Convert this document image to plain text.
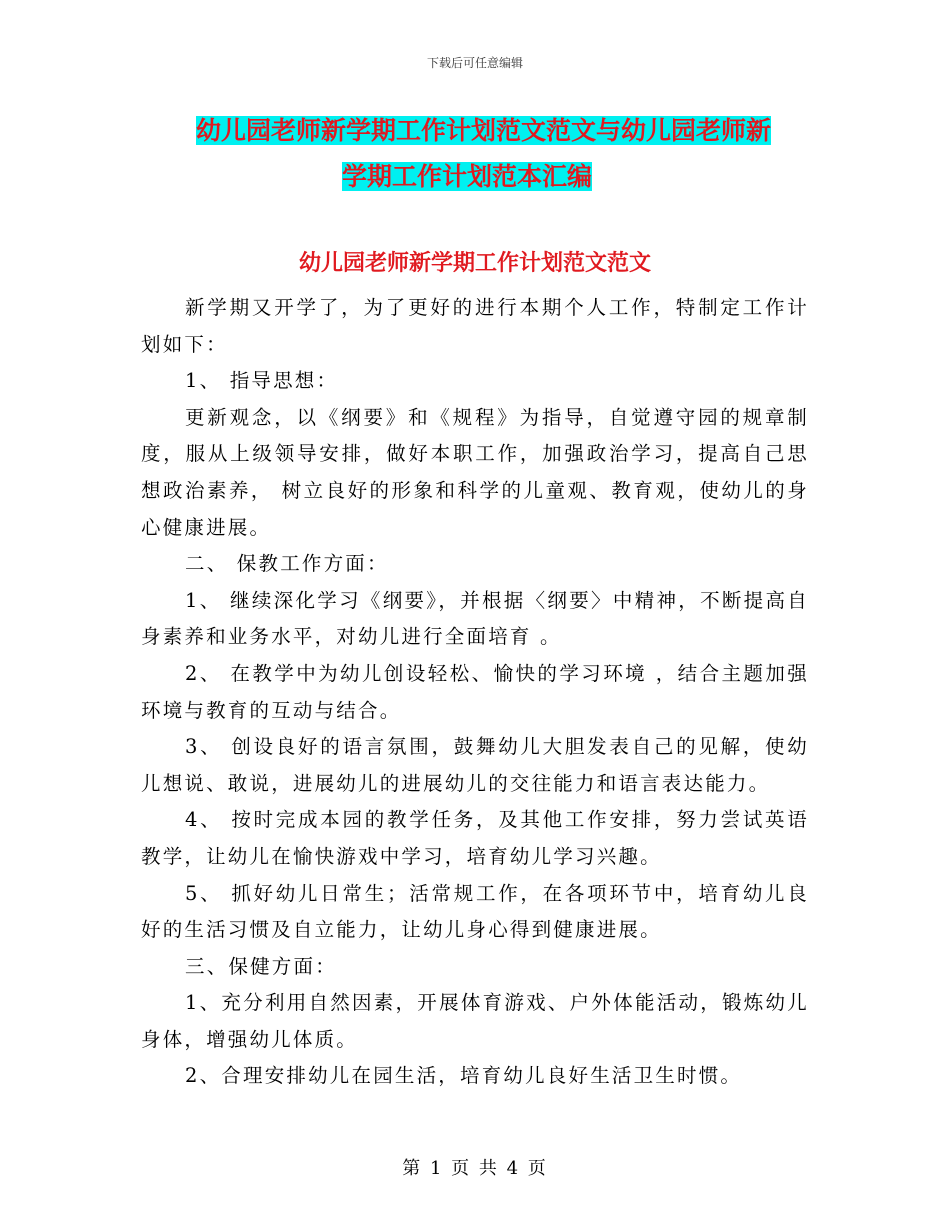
下载后可任意编辑
幼儿园老师新学期工作计划范文范文与幼儿园老师新
学期工作计划范本汇编
幼儿园老师新学期工作计划范文范文

新学期又开学了，为了更好的进行本期个人工作，特制定工作计划如下：

1、 指导思想：

更新观念，以《纲要》和《规程》为指导，自觉遵守园的规章制度，服从上级领导安排，做好本职工作，加强政治学习，提高自己思想政治素养， 树立良好的形象和科学的儿童观、教育观，使幼儿的身心健康进展。

二、 保教工作方面：

1、 继续深化学习《纲要》，并根据〈纲要〉中精神，不断提高自身素养和业务水平，对幼儿进行全面培育 。

2、 在教学中为幼儿创设轻松、愉快的学习环境 ，结合主题加强环境与教育的互动与结合。

3、 创设良好的语言氛围，鼓舞幼儿大胆发表自己的见解，使幼儿想说、敢说，进展幼儿的进展幼儿的交往能力和语言表达能力。

4、 按时完成本园的教学任务，及其他工作安排，努力尝试英语教学，让幼儿在愉快游戏中学习，培育幼儿学习兴趣。

5、 抓好幼儿日常生；活常规工作，在各项环节中，培育幼儿良好的生活习惯及自立能力，让幼儿身心得到健康进展。

三、保健方面：

1、充分利用自然因素，开展体育游戏、户外体能活动，锻炼幼儿身体，增强幼儿体质。

2、合理安排幼儿在园生活，培育幼儿良好生活卫生时惯。

第 1 页 共 4 页
